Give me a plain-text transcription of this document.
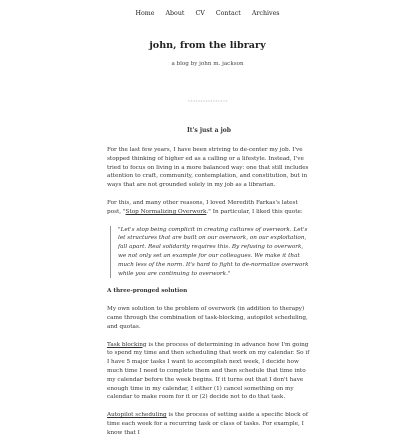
Home About CV Contact Archives
john, from the library
a blog by john m. jackson
It's just a job

For the last few years, I have been striving to de-center my job. I've stopped thinking of higher ed as a calling or a lifestyle. Instead, I've tried to focus on living in a more balanced way: one that still includes attention to craft, community, contemplation, and constitution, but in ways that are not grounded solely in my job as a librarian.

For this, and many other reasons, I loved Meredith Farkas's latest post, "Stop Normalizing Overwork." In particular, I liked this quote:

"Let's stop being complicit in creating cultures of overwork. Let's let structures that are built on our overwork, on our exploitation, fall apart. Real solidarity requires this. By refusing to overwork, we not only set an example for our colleagues. We make it that much less of the norm. It's hard to fight to de-normalize overwork while you are continuing to overwork."
A three-pronged solution

My own solution to the problem of overwork (in addition to therapy) came through the combination of task-blocking, autopilot scheduling, and quotas.

Task blocking is the process of determining in advance how I'm going to spend my time and then scheduling that work on my calendar. So if I have 5 major tasks I want to accomplish next week, I decide how much time I need to complete them and then schedule that time into my calendar before the week begins. If it turns out that I don't have enough time in my calendar, I either (1) cancel something on my calendar to make room for it or (2) decide not to do that task.

Autopilot scheduling is the process of setting aside a specific block of time each week for a recurring task or class of tasks. For example, I know that I
